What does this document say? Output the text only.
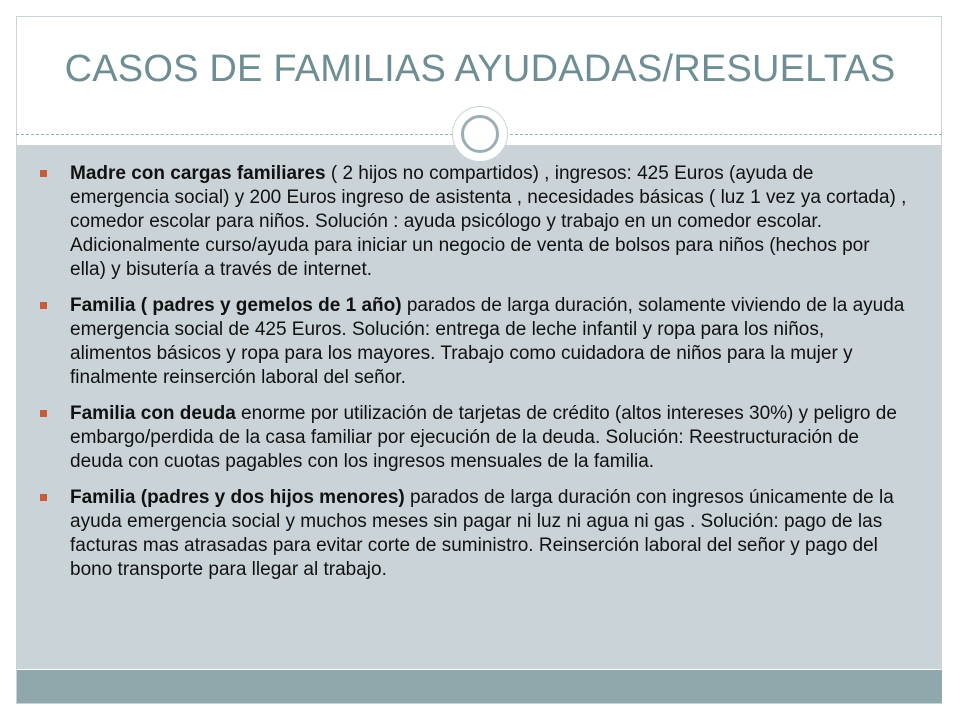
CASOS DE FAMILIAS AYUDADAS/RESUELTAS
Madre con cargas familiares ( 2 hijos no compartidos) , ingresos: 425 Euros (ayuda de emergencia social) y 200 Euros ingreso de asistenta , necesidades básicas ( luz 1 vez ya cortada) , comedor escolar para niños. Solución : ayuda psicólogo y trabajo en un comedor escolar. Adicionalmente curso/ayuda para iniciar un negocio de venta de bolsos para niños (hechos por ella) y bisutería a través de internet.
Familia ( padres y gemelos de 1 año) parados de larga duración, solamente viviendo de la ayuda emergencia social de 425 Euros. Solución: entrega de leche infantil y ropa para los niños, alimentos básicos y ropa para los mayores. Trabajo como cuidadora de niños para la mujer y finalmente reinserción laboral del señor.
Familia con deuda enorme por utilización de tarjetas de crédito (altos intereses 30%) y peligro de embargo/perdida de la casa familiar por ejecución de la deuda. Solución: Reestructuración de deuda con cuotas pagables con los ingresos mensuales de la familia.
Familia (padres y dos hijos menores) parados de larga duración con ingresos únicamente de la ayuda emergencia social y muchos meses sin pagar ni luz ni agua ni gas . Solución: pago de las facturas mas atrasadas para evitar corte de suministro. Reinserción laboral del señor y pago del bono transporte para llegar al trabajo.
